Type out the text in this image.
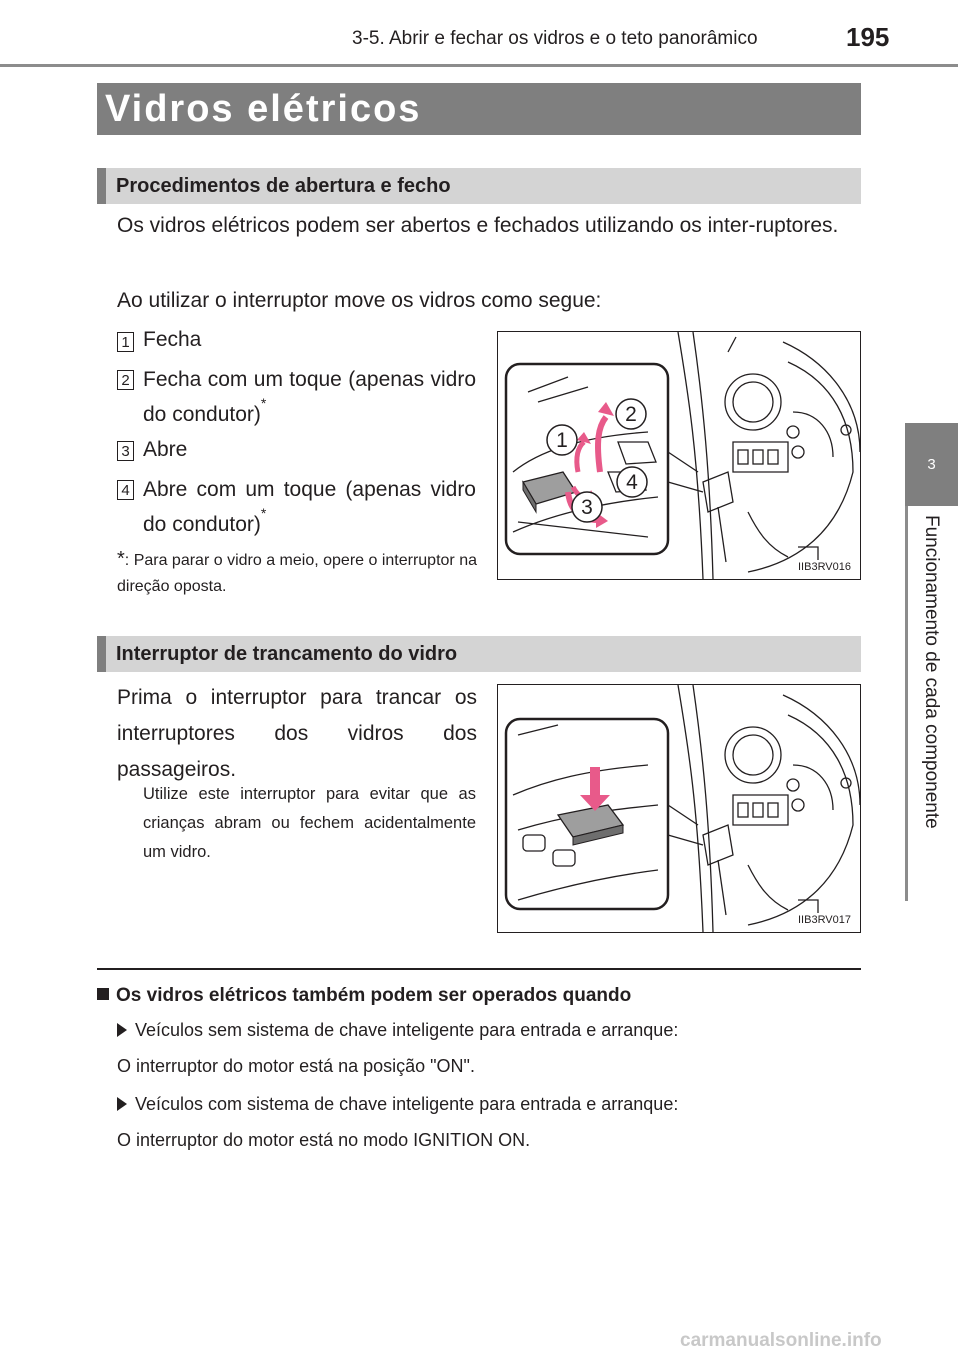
3-5. Abrir e fechar os vidros e o teto panorâmico	195
3
Funcionamento de cada componente
Vidros elétricos
Procedimentos de abertura e fecho
Os vidros elétricos podem ser abertos e fechados utilizando os inter-ruptores.
Ao utilizar o interruptor move os vidros como segue:
1 Fecha
2 Fecha com um toque (apenas vidro do condutor)*
3 Abre
4 Abre com um toque (apenas vidro do condutor)*
*: Para parar o vidro a meio, opere o interruptor na direção oposta.
1
2
3
4
IIB3RV016
Interruptor de trancamento do vidro
Prima o interruptor para trancar os interruptores dos vidros dos passageiros.
Utilize este interruptor para evitar que as crianças abram ou fechem acidentalmente um vidro.
IIB3RV017
Os vidros elétricos também podem ser operados quando
Veículos sem sistema de chave inteligente para entrada e arranque:
O interruptor do motor está na posição "ON".
Veículos com sistema de chave inteligente para entrada e arranque:
O interruptor do motor está no modo IGNITION ON.
carmanualsonline.info
